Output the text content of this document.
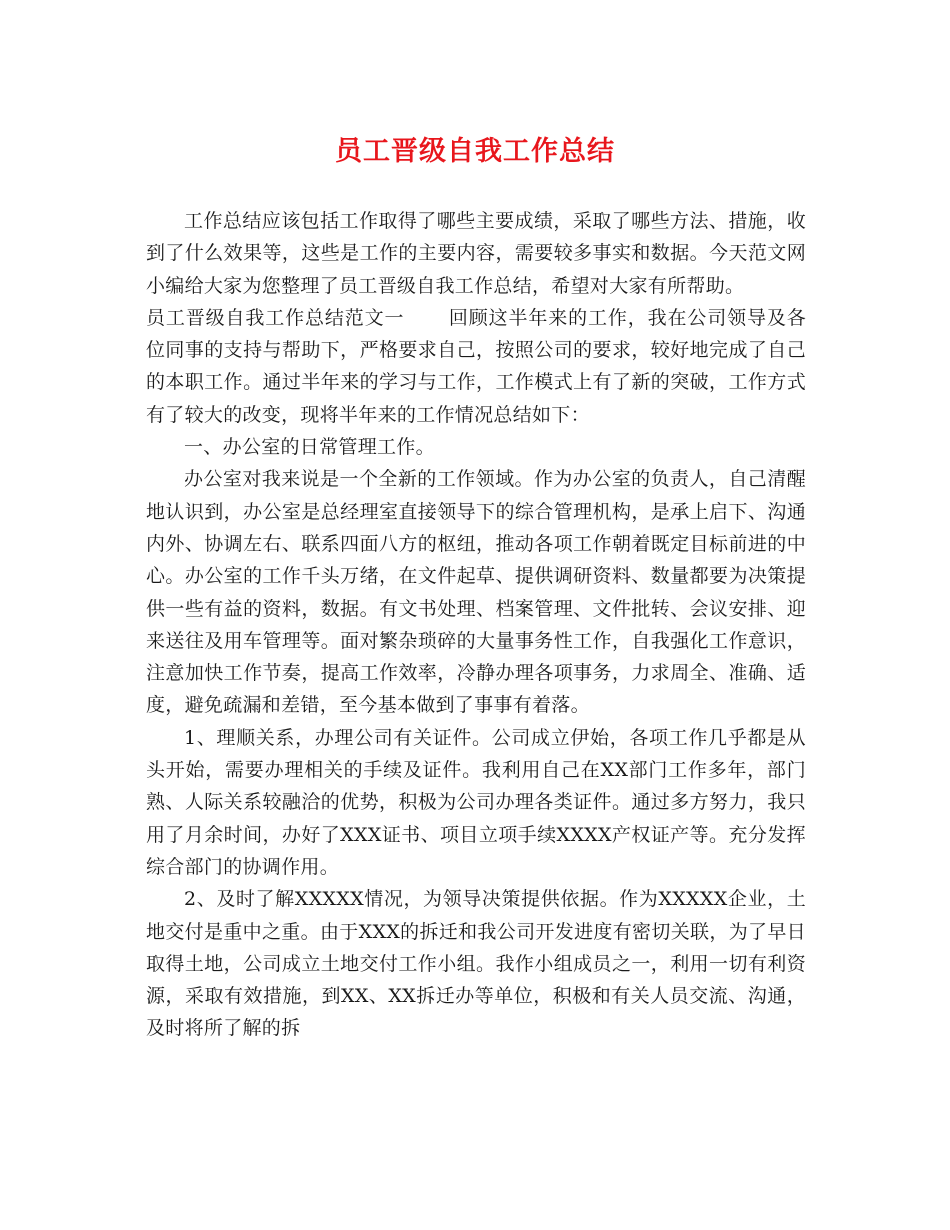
员工晋级自我工作总结

工作总结应该包括工作取得了哪些主要成绩，采取了哪些方法、措施，收到了什么效果等，这些是工作的主要内容，需要较多事实和数据。今天范文网小编给大家为您整理了员工晋级自我工作总结，希望对大家有所帮助。

员工晋级自我工作总结范文一 回顾这半年来的工作，我在公司领导及各位同事的支持与帮助下，严格要求自己，按照公司的要求，较好地完成了自己的本职工作。通过半年来的学习与工作，工作模式上有了新的突破，工作方式有了较大的改变，现将半年来的工作情况总结如下：

一、办公室的日常管理工作。

办公室对我来说是一个全新的工作领域。作为办公室的负责人，自己清醒地认识到，办公室是总经理室直接领导下的综合管理机构，是承上启下、沟通内外、协调左右、联系四面八方的枢纽，推动各项工作朝着既定目标前进的中心。办公室的工作千头万绪，在文件起草、提供调研资料、数量都要为决策提供一些有益的资料，数据。有文书处理、档案管理、文件批转、会议安排、迎来送往及用车管理等。面对繁杂琐碎的大量事务性工作，自我强化工作意识，注意加快工作节奏，提高工作效率，冷静办理各项事务，力求周全、准确、适度，避免疏漏和差错，至今基本做到了事事有着落。

1、理顺关系，办理公司有关证件。公司成立伊始，各项工作几乎都是从头开始，需要办理相关的手续及证件。我利用自己在XX部门工作多年，部门熟、人际关系较融洽的优势，积极为公司办理各类证件。通过多方努力，我只用了月余时间，办好了XXX证书、项目立项手续XXXX产权证产等。充分发挥综合部门的协调作用。

2、及时了解XXXXX情况，为领导决策提供依据。作为XXXXX企业，土地交付是重中之重。由于XXX的拆迁和我公司开发进度有密切关联，为了早日取得土地，公司成立土地交付工作小组。我作小组成员之一，利用一切有利资源，采取有效措施，到XX、XX拆迁办等单位，积极和有关人员交流、沟通，及时将所了解的拆
